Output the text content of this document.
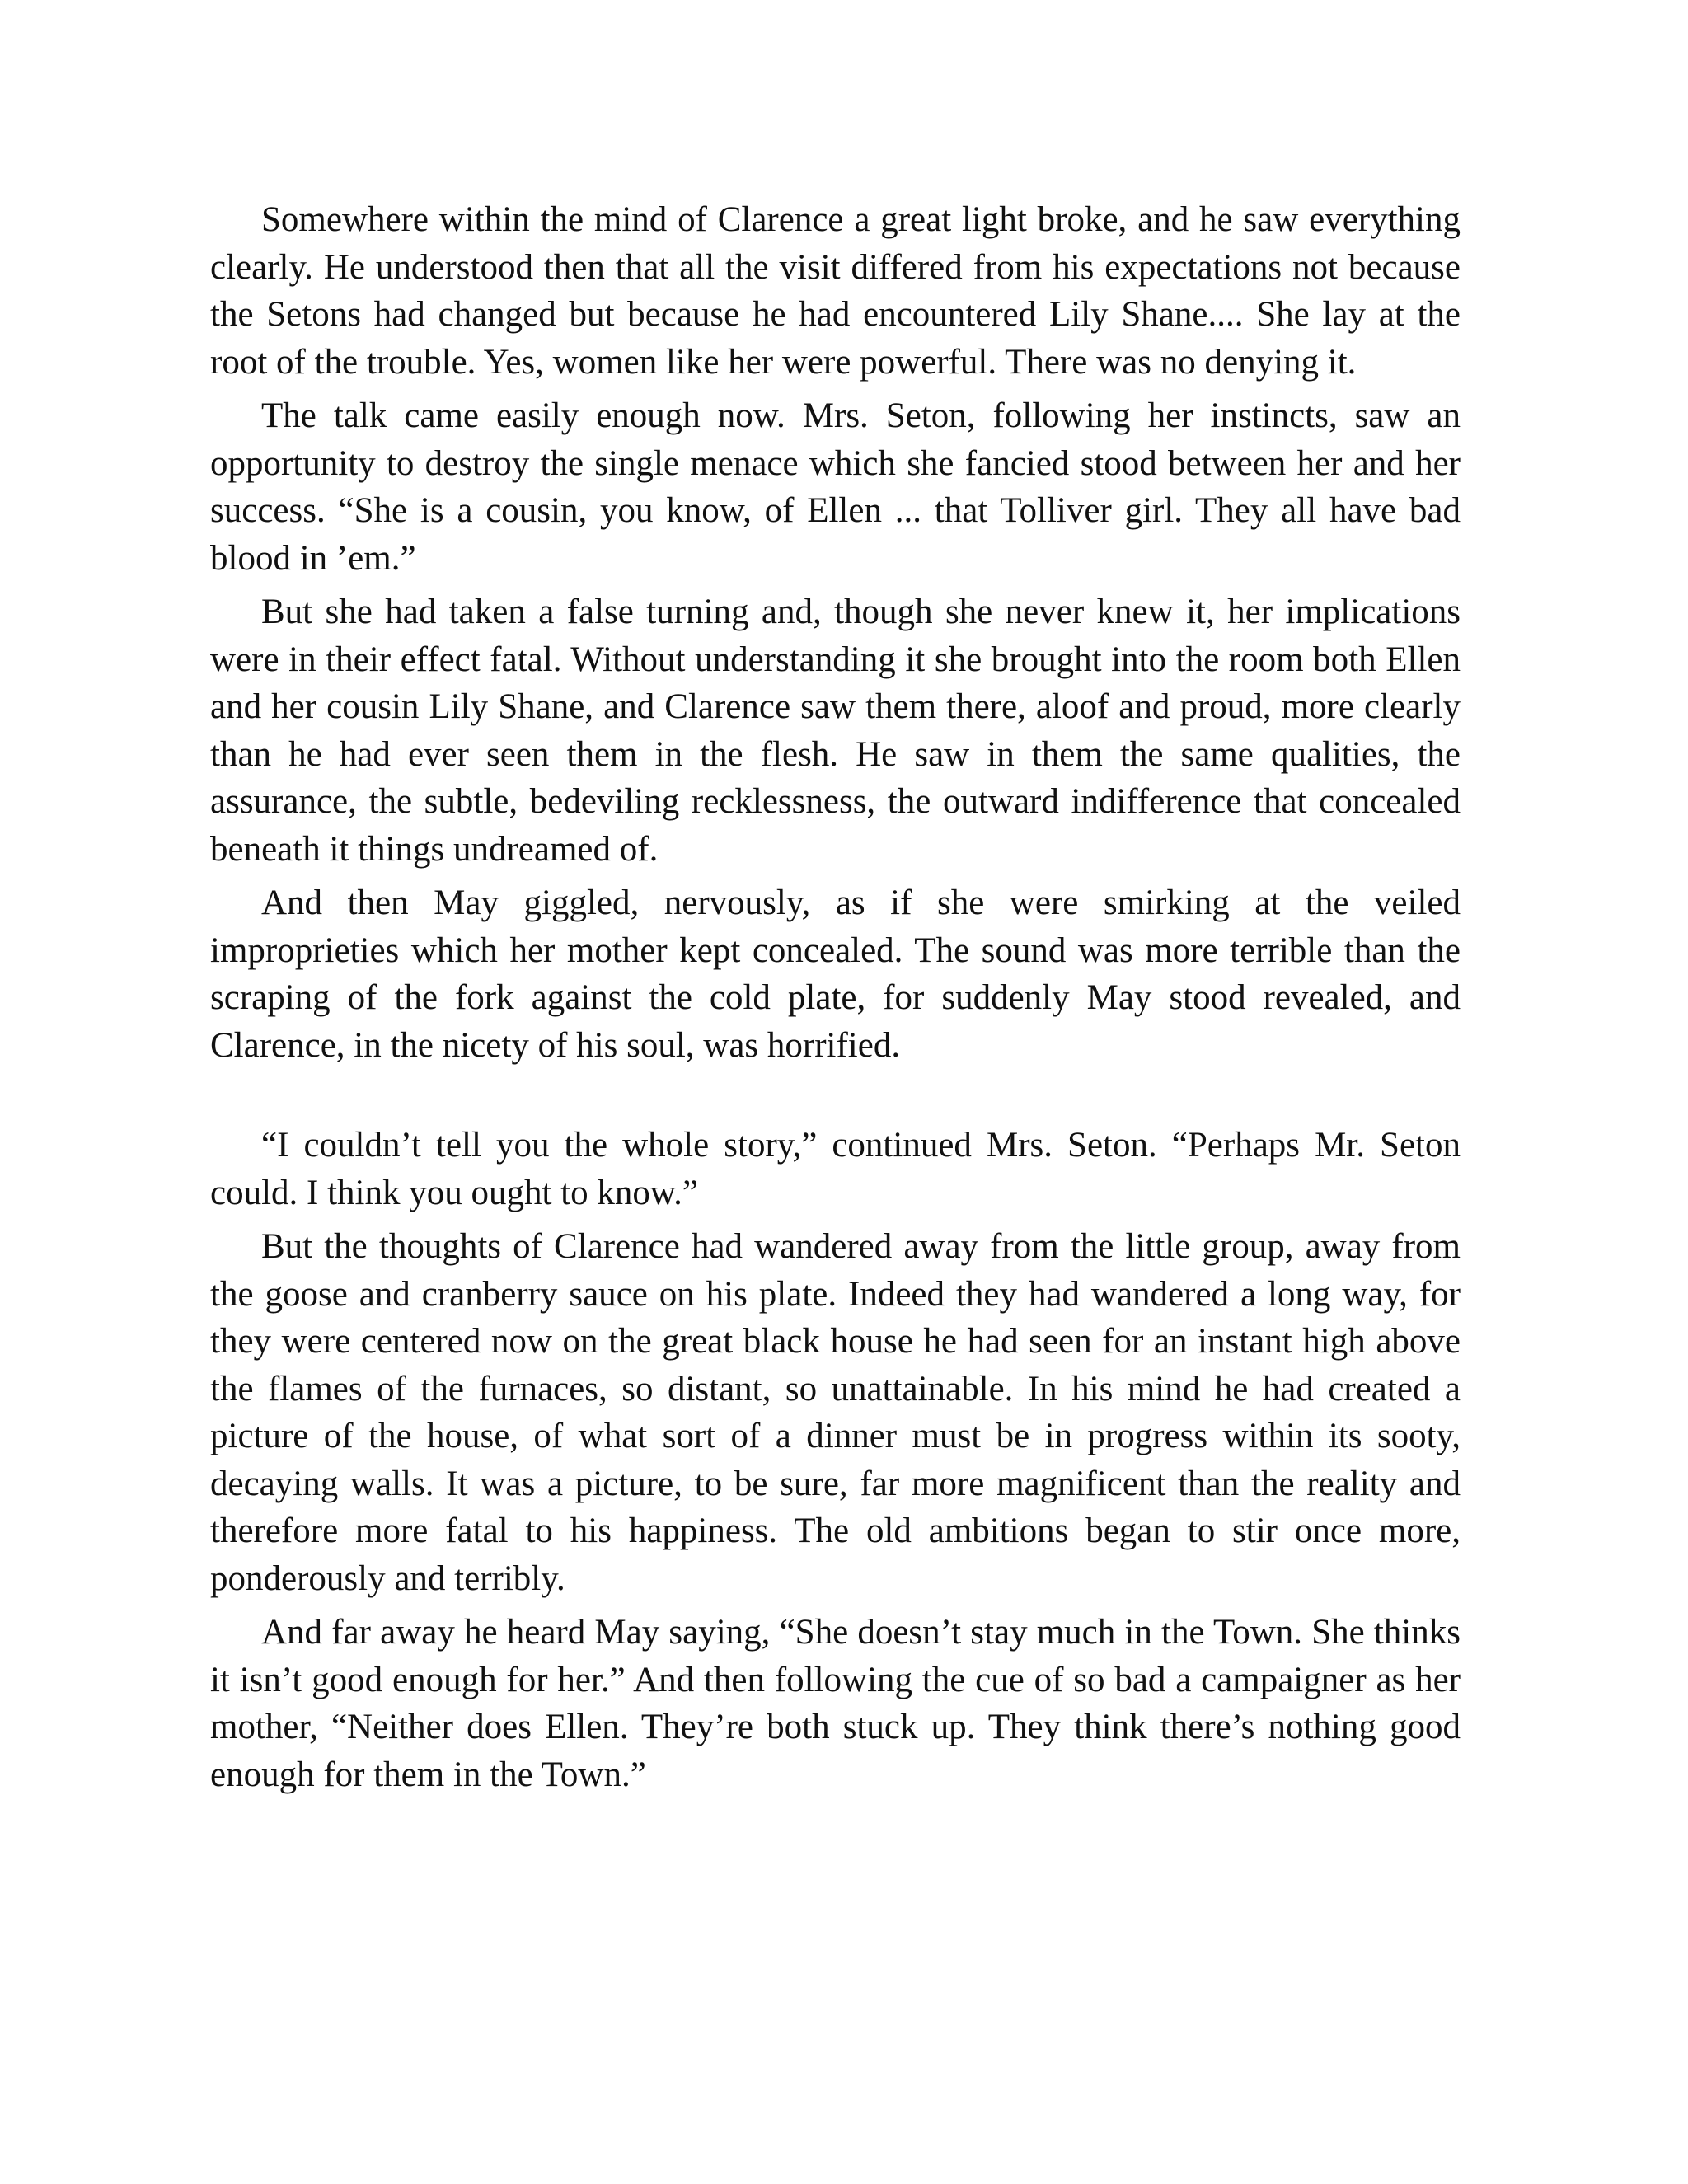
Somewhere within the mind of Clarence a great light broke, and he saw everything clearly. He understood then that all the visit differed from his expectations not because the Setons had changed but because he had encountered Lily Shane.... She lay at the root of the trouble. Yes, women like her were powerful. There was no denying it.

The talk came easily enough now. Mrs. Seton, following her instincts, saw an opportunity to destroy the single menace which she fancied stood between her and her success. “She is a cousin, you know, of Ellen ... that Tolliver girl. They all have bad blood in ’em.”

But she had taken a false turning and, though she never knew it, her implications were in their effect fatal. Without understanding it she brought into the room both Ellen and her cousin Lily Shane, and Clarence saw them there, aloof and proud, more clearly than he had ever seen them in the flesh. He saw in them the same qualities, the assurance, the subtle, bedeviling recklessness, the outward indifference that concealed beneath it things undreamed of.

And then May giggled, nervously, as if she were smirking at the veiled improprieties which her mother kept concealed. The sound was more terrible than the scraping of the fork against the cold plate, for suddenly May stood revealed, and Clarence, in the nicety of his soul, was horrified.

“I couldn’t tell you the whole story,” continued Mrs. Seton. “Perhaps Mr. Seton could. I think you ought to know.”

But the thoughts of Clarence had wandered away from the little group, away from the goose and cranberry sauce on his plate. Indeed they had wandered a long way, for they were centered now on the great black house he had seen for an instant high above the flames of the furnaces, so distant, so unattainable. In his mind he had created a picture of the house, of what sort of a dinner must be in progress within its sooty, decaying walls. It was a picture, to be sure, far more magnificent than the reality and therefore more fatal to his happiness. The old ambitions began to stir once more, ponderously and terribly.

And far away he heard May saying, “She doesn’t stay much in the Town. She thinks it isn’t good enough for her.” And then following the cue of so bad a campaigner as her mother, “Neither does Ellen. They’re both stuck up. They think there’s nothing good enough for them in the Town.”
